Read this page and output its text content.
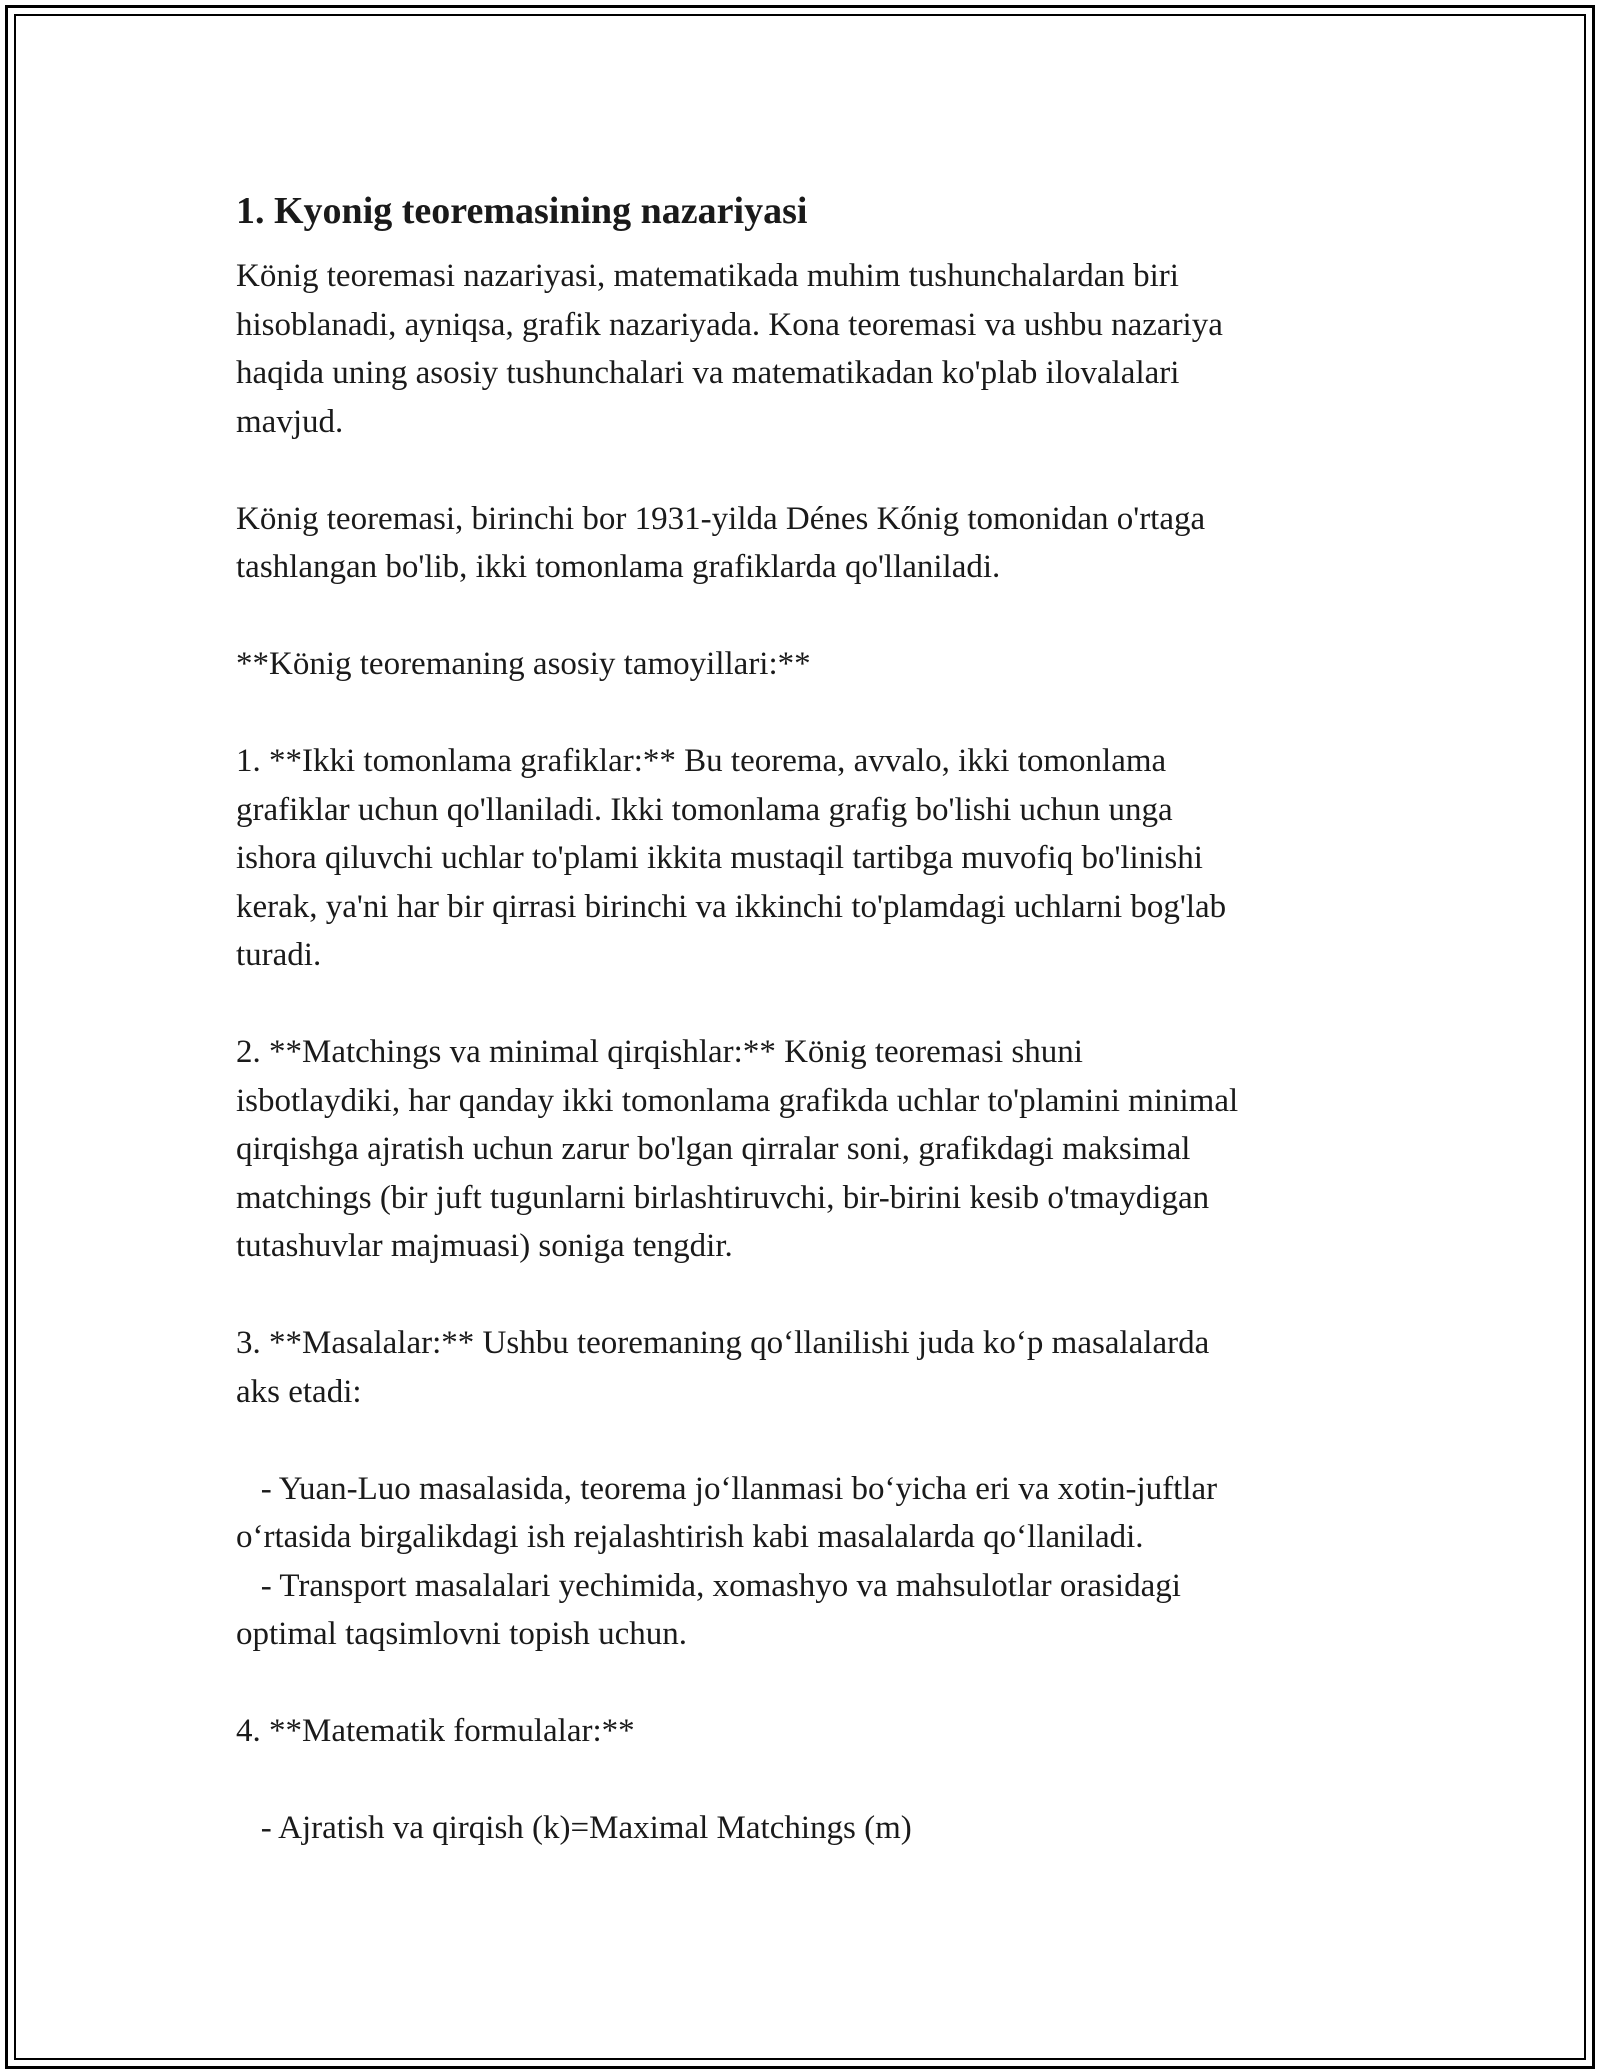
1. Kyonig teoremasining nazariyasi

König teoremasi nazariyasi, matematikada muhim tushunchalardan biri
hisoblanadi, ayniqsa, grafik nazariyada. Kona teoremasi va ushbu nazariya
haqida uning asosiy tushunchalari va matematikadan ko'plab ilovalalari
mavjud.

König teoremasi, birinchi bor 1931-yilda Dénes Kőnig tomonidan o'rtaga
tashlangan bo'lib, ikki tomonlama grafiklarda qo'llaniladi.

**König teoremaning asosiy tamoyillari:**

1. **Ikki tomonlama grafiklar:** Bu teorema, avvalo, ikki tomonlama
grafiklar uchun qo'llaniladi. Ikki tomonlama grafig bo'lishi uchun unga
ishora qiluvchi uchlar to'plami ikkita mustaqil tartibga muvofiq bo'linishi
kerak, ya'ni har bir qirrasi birinchi va ikkinchi to'plamdagi uchlarni bog'lab
turadi.

2. **Matchings va minimal qirqishlar:** König teoremasi shuni
isbotlaydiki, har qanday ikki tomonlama grafikda uchlar to'plamini minimal
qirqishga ajratish uchun zarur bo'lgan qirralar soni, grafikdagi maksimal
matchings (bir juft tugunlarni birlashtiruvchi, bir-birini kesib o'tmaydigan
tutashuvlar majmuasi) soniga tengdir.

3. **Masalalar:** Ushbu teoremaning qoʻllanilishi juda koʻp masalalarda
aks etadi:

- Yuan-Luo masalasida, teorema joʻllanmasi boʻyicha eri va xotin-juftlar
oʻrtasida birgalikdagi ish rejalashtirish kabi masalalarda qoʻllaniladi.
- Transport masalalari yechimida, xomashyo va mahsulotlar orasidagi
optimal taqsimlovni topish uchun.

4. **Matematik formulalar:**

- Ajratish va qirqish (k)=Maximal Matchings (m)
